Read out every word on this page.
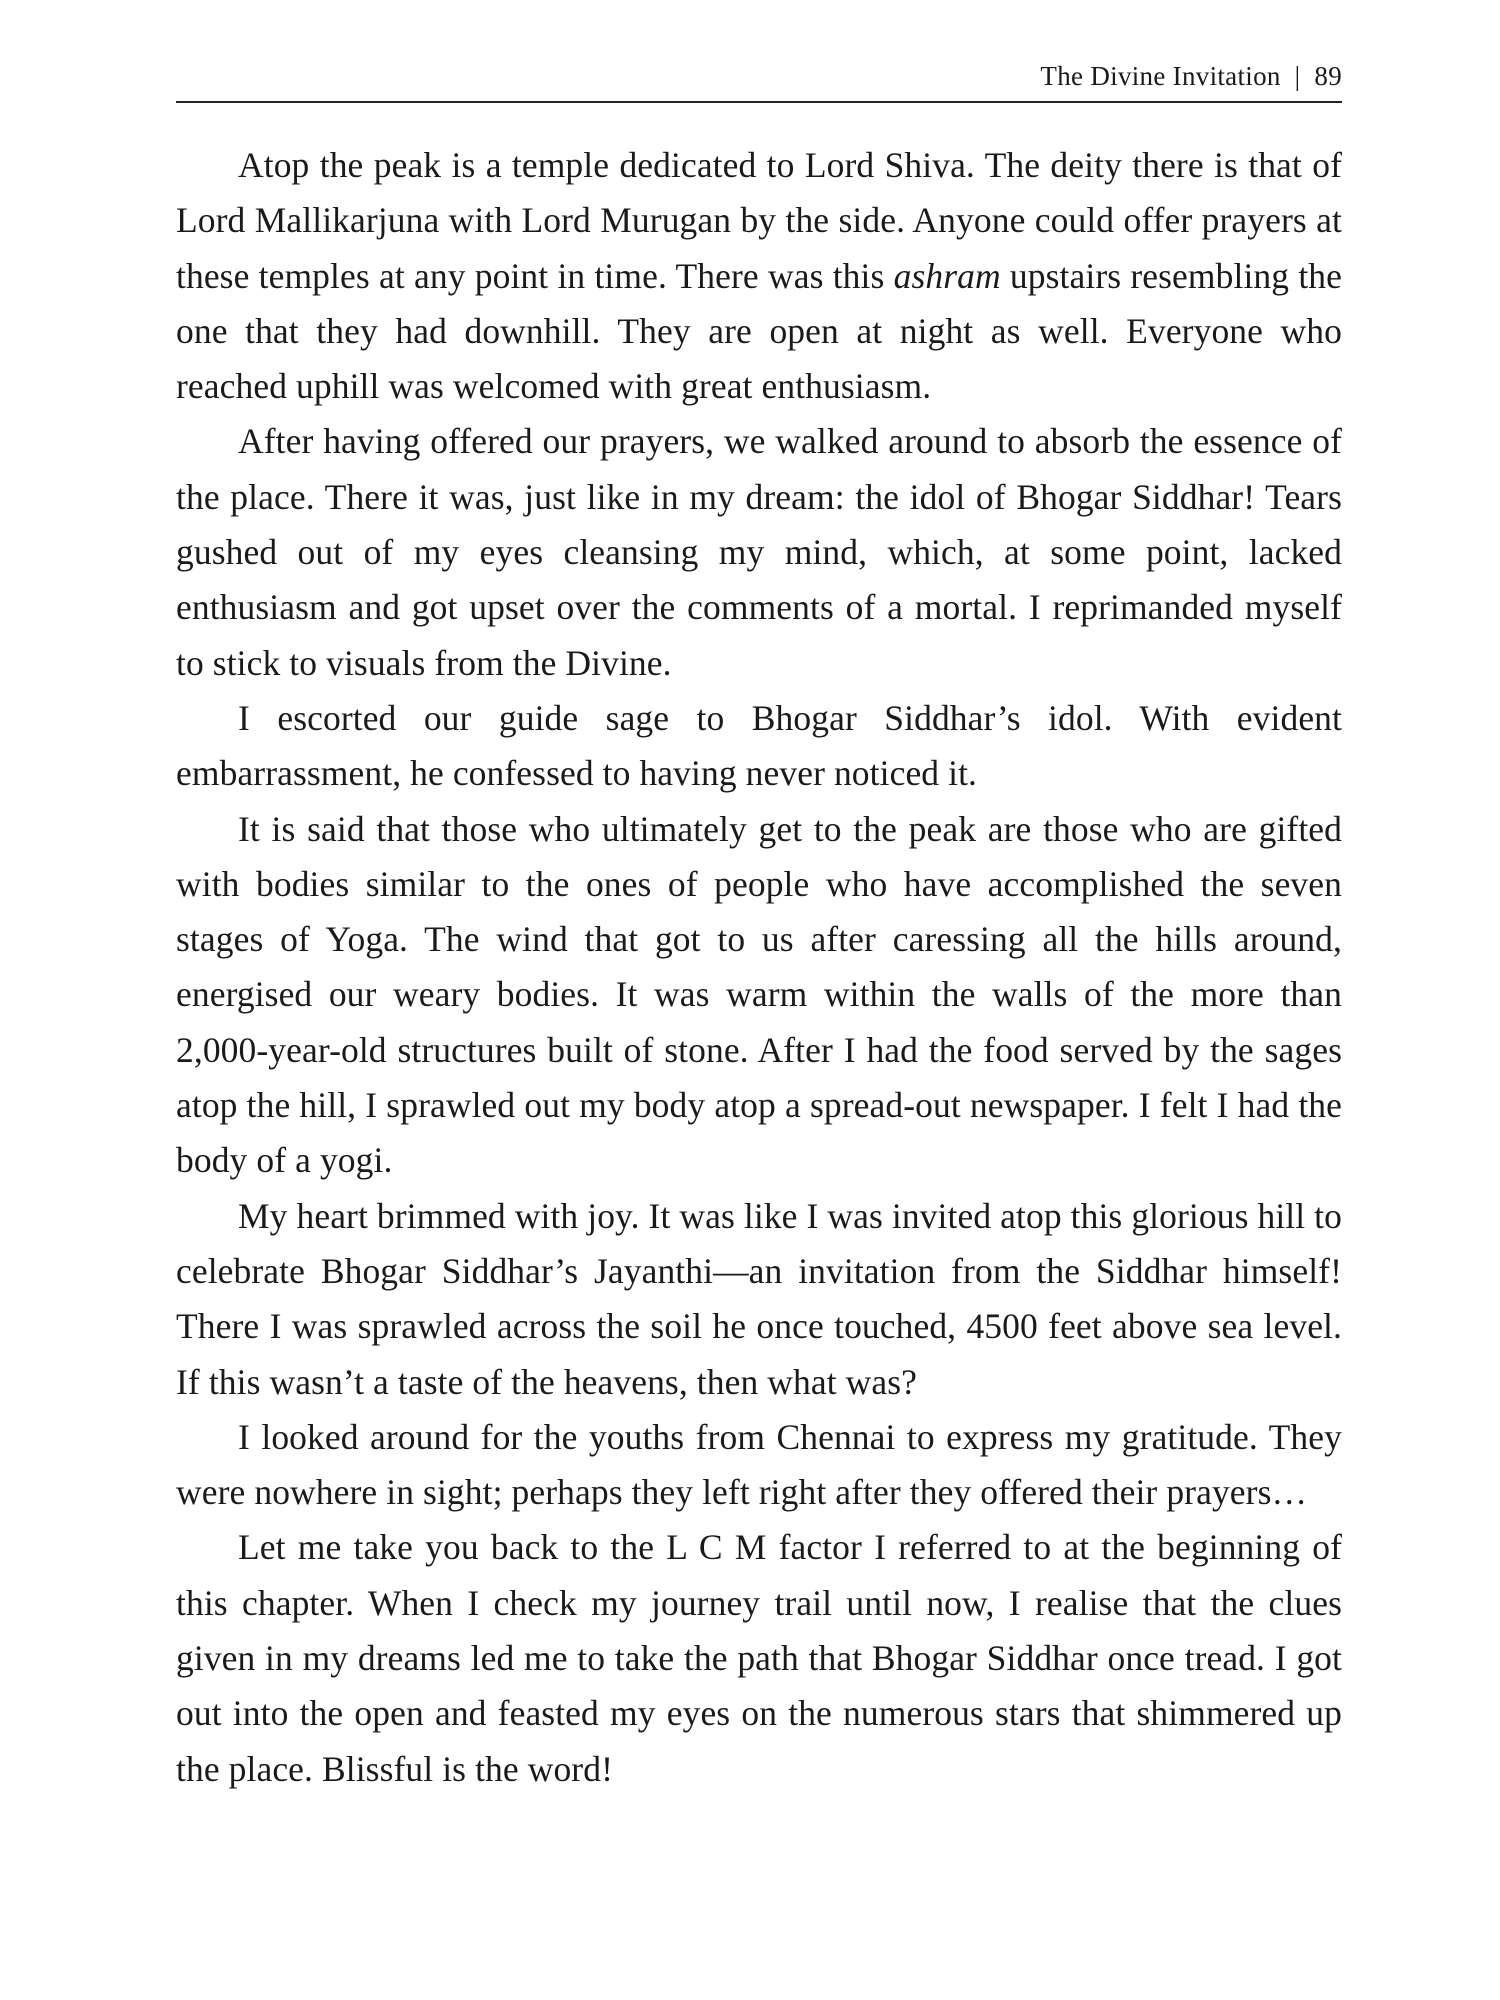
The Divine Invitation | 89

Atop the peak is a temple dedicated to Lord Shiva. The deity there is that of Lord Mallikarjuna with Lord Murugan by the side. Anyone could offer prayers at these temples at any point in time. There was this ashram upstairs resembling the one that they had downhill. They are open at night as well. Everyone who reached uphill was welcomed with great enthusiasm.

After having offered our prayers, we walked around to absorb the essence of the place. There it was, just like in my dream: the idol of Bhogar Siddhar! Tears gushed out of my eyes cleansing my mind, which, at some point, lacked enthusiasm and got upset over the comments of a mortal. I reprimanded myself to stick to visuals from the Divine.

I escorted our guide sage to Bhogar Siddhar’s idol. With evident embarrassment, he confessed to having never noticed it.

It is said that those who ultimately get to the peak are those who are gifted with bodies similar to the ones of people who have accomplished the seven stages of Yoga. The wind that got to us after caressing all the hills around, energised our weary bodies. It was warm within the walls of the more than 2,000-year-old structures built of stone. After I had the food served by the sages atop the hill, I sprawled out my body atop a spread-out newspaper. I felt I had the body of a yogi.

My heart brimmed with joy. It was like I was invited atop this glorious hill to celebrate Bhogar Siddhar’s Jayanthi—an invitation from the Siddhar himself! There I was sprawled across the soil he once touched, 4500 feet above sea level. If this wasn’t a taste of the heavens, then what was?

I looked around for the youths from Chennai to express my gratitude. They were nowhere in sight; perhaps they left right after they offered their prayers…

Let me take you back to the L C M factor I referred to at the beginning of this chapter. When I check my journey trail until now, I realise that the clues given in my dreams led me to take the path that Bhogar Siddhar once tread. I got out into the open and feasted my eyes on the numerous stars that shimmered up the place. Blissful is the word!
